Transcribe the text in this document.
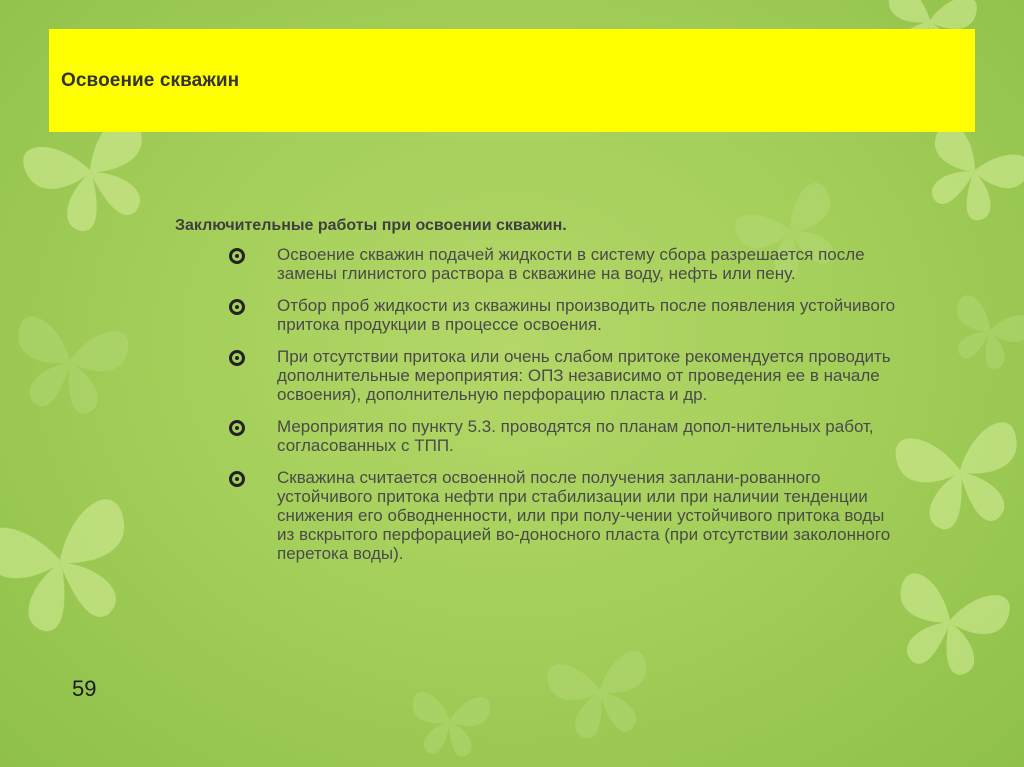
Освоение скважин

Заключительные работы при освоении скважин.

Освоение скважин подачей жидкости в систему сбора разрешается после замены глинистого раствора в скважине на воду, нефть или пену.
Отбор проб жидкости из скважины производить после появления устойчивого притока продукции в процессе освоения.
При отсутствии притока или очень слабом притоке рекомендуется проводить дополнительные мероприятия: ОПЗ независимо от проведения ее в начале освоения), дополнительную перфорацию пласта и др.
Мероприятия по пункту 5.3. проводятся по планам допол-нительных работ, согласованных с ТПП.
Скважина считается освоенной после получения заплани-рованного устойчивого притока нефти при стабилизации или при наличии тенденции снижения его обводненности, или при полу-чении устойчивого притока воды из вскрытого перфорацией во-доносного пласта (при отсутствии заколонного перетока воды).
59
